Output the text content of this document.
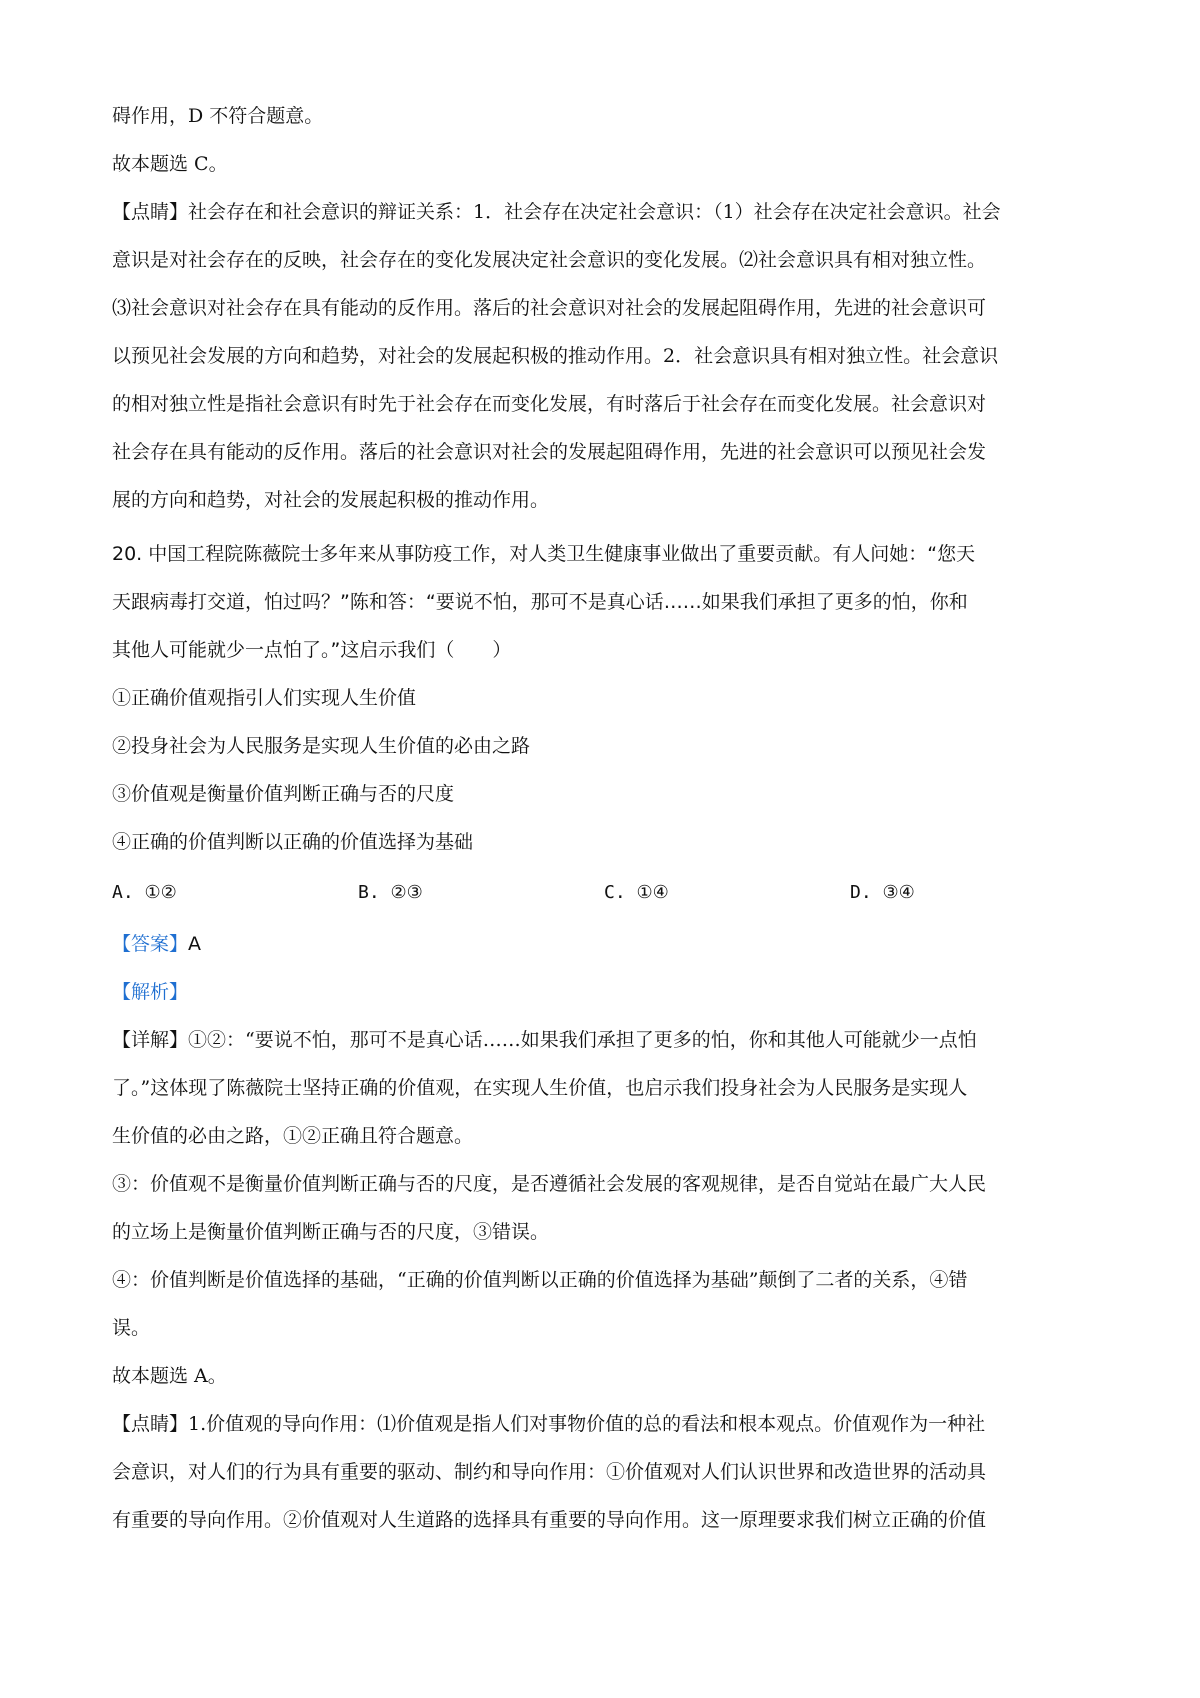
碍作用，D 不符合题意。
故本题选 C。
【点睛】社会存在和社会意识的辩证关系：1．社会存在决定社会意识：（1）社会存在决定社会意识。社会
意识是对社会存在的反映，社会存在的变化发展决定社会意识的变化发展。⑵社会意识具有相对独立性。
⑶社会意识对社会存在具有能动的反作用。落后的社会意识对社会的发展起阻碍作用，先进的社会意识可
以预见社会发展的方向和趋势，对社会的发展起积极的推动作用。2．社会意识具有相对独立性。社会意识
的相对独立性是指社会意识有时先于社会存在而变化发展，有时落后于社会存在而变化发展。社会意识对
社会存在具有能动的反作用。落后的社会意识对社会的发展起阻碍作用，先进的社会意识可以预见社会发
展的方向和趋势，对社会的发展起积极的推动作用。
20. 中国工程院陈薇院士多年来从事防疫工作，对人类卫生健康事业做出了重要贡献。有人问她：“您天
天跟病毒打交道，怕过吗？”陈和答：“要说不怕，那可不是真心话……如果我们承担了更多的怕，你和
其他人可能就少一点怕了。”这启示我们（　　）
①正确价值观指引人们实现人生价值
②投身社会为人民服务是实现人生价值的必由之路
③价值观是衡量价值判断正确与否的尺度
④正确的价值判断以正确的价值选择为基础
A. ①②	B. ②③	C. ①④	D. ③④
【答案】A
【解析】
【详解】①②：“要说不怕，那可不是真心话……如果我们承担了更多的怕，你和其他人可能就少一点怕
了。”这体现了陈薇院士坚持正确的价值观，在实现人生价值，也启示我们投身社会为人民服务是实现人
生价值的必由之路，①②正确且符合题意。
③：价值观不是衡量价值判断正确与否的尺度，是否遵循社会发展的客观规律，是否自觉站在最广大人民
的立场上是衡量价值判断正确与否的尺度，③错误。
④：价值判断是价值选择的基础，“正确的价值判断以正确的价值选择为基础”颠倒了二者的关系，④错
误。
故本题选 A。
【点睛】1.价值观的导向作用：⑴价值观是指人们对事物价值的总的看法和根本观点。价值观作为一种社
会意识，对人们的行为具有重要的驱动、制约和导向作用：①价值观对人们认识世界和改造世界的活动具
有重要的导向作用。②价值观对人生道路的选择具有重要的导向作用。这一原理要求我们树立正确的价值
